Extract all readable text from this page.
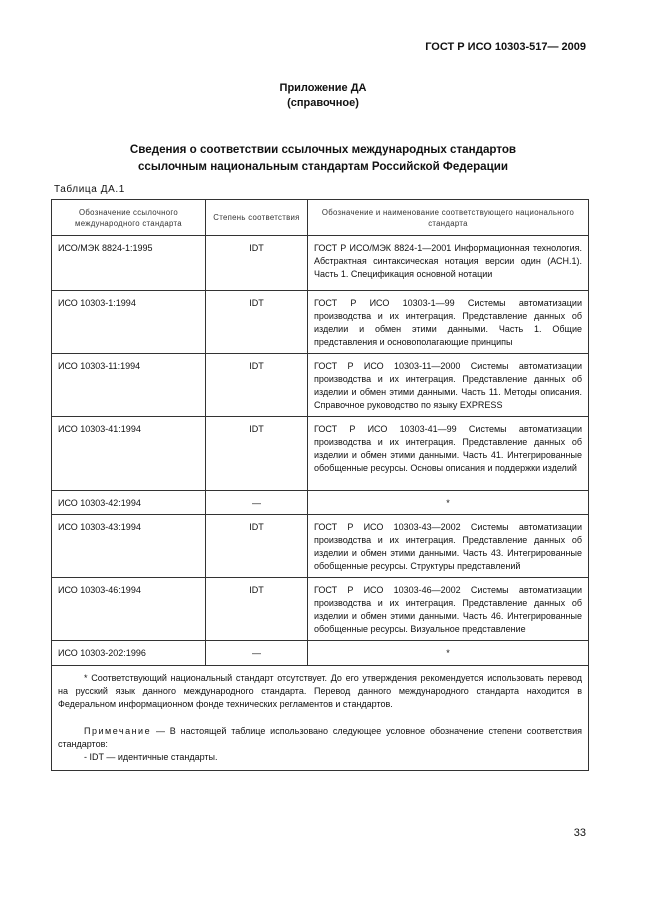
ГОСТ Р ИСО 10303-517— 2009
Приложение ДА
(справочное)
Сведения о соответствии ссылочных международных стандартов
ссылочным национальным стандартам Российской Федерации
Таблица ДА.1
Обозначение ссылочного международного стандарта	Степень соответствия	Обозначение и наименование соответствующего национального стандарта
ИСО/МЭК 8824-1:1995	IDT	ГОСТ Р ИСО/МЭК 8824-1—2001 Информационная технология. Абстрактная синтаксическая нотация версии один (АСН.1). Часть 1. Спецификация основной нотации
ИСО 10303-1:1994	IDT	ГОСТ Р ИСО 10303-1—99 Системы автоматизации производства и их интеграция. Представление данных об изделии и обмен этими данными. Часть 1. Общие представления и основополагающие принципы
ИСО 10303-11:1994	IDT	ГОСТ Р ИСО 10303-11—2000 Системы автоматизации производства и их интеграция. Представление данных об изделии и обмен этими данными. Часть 11. Методы описания. Справочное руководство по языку EXPRESS
ИСО 10303-41:1994	IDT	ГОСТ Р ИСО 10303-41—99 Системы автоматизации производства и их интеграция. Представление данных об изделии и обмен этими данными. Часть 41. Интегрированные обобщенные ресурсы. Основы описания и поддержки изделий
ИСО 10303-42:1994	—	*
ИСО 10303-43:1994	IDT	ГОСТ Р ИСО 10303-43—2002 Системы автоматизации производства и их интеграция. Представление данных об изделии и обмен этими данными. Часть 43. Интегрированные обобщенные ресурсы. Структуры представлений
ИСО 10303-46:1994	IDT	ГОСТ Р ИСО 10303-46—2002 Системы автоматизации производства и их интеграция. Представление данных об изделии и обмен этими данными. Часть 46. Интегрированные обобщенные ресурсы. Визуальное представление
ИСО 10303-202:1996	—	*

* Соответствующий национальный стандарт отсутствует. До его утверждения рекомендуется использовать перевод на русский язык данного международного стандарта. Перевод данного международного стандарта находится в Федеральном информационном фонде технических регламентов и стандартов.

Примечание — В настоящей таблице использовано следующее условное обозначение степени соответствия стандартов:

- IDT — идентичные стандарты.		

33
